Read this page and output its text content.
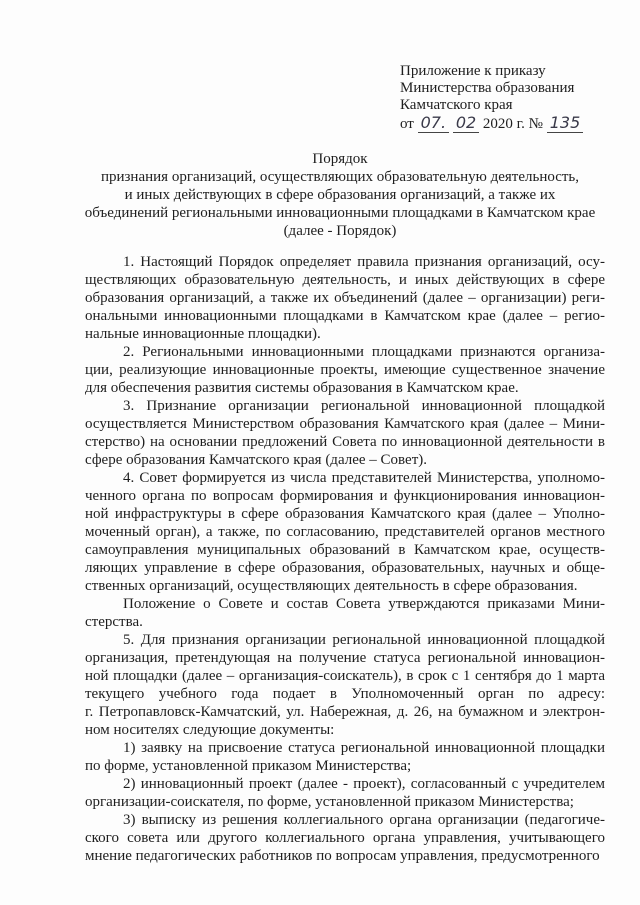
Приложение к приказу
Министерства образования
Камчатского края
от 07. 02 2020 г. № 135
Порядок
признания организаций, осуществляющих образовательную деятельность,
и иных действующих в сфере образования организаций, а также их
объединений региональными инновационными площадками в Камчатском крае
(далее - Порядок)
1. Настоящий Порядок определяет правила признания организаций, осу-
ществляющих образовательную деятельность, и иных действующих в сфере
образования организаций, а также их объединений (далее – организации) реги-
ональными инновационными площадками в Камчатском крае (далее – регио-
нальные инновационные площадки).
2. Региональными инновационными площадками признаются организа-
ции, реализующие инновационные проекты, имеющие существенное значение
для обеспечения развития системы образования в Камчатском крае.
3. Признание организации региональной инновационной площадкой
осуществляется Министерством образования Камчатского края (далее – Мини-
стерство) на основании предложений Совета по инновационной деятельности в
сфере образования Камчатского края (далее – Совет).
4. Совет формируется из числа представителей Министерства, уполномо-
ченного органа по вопросам формирования и функционирования инновацион-
ной инфраструктуры в сфере образования Камчатского края (далее – Уполно-
моченный орган), а также, по согласованию, представителей органов местного
самоуправления муниципальных образований в Камчатском крае, осуществ-
ляющих управление в сфере образования, образовательных, научных и обще-
ственных организаций, осуществляющих деятельность в сфере образования.
Положение о Совете и состав Совета утверждаются приказами Мини-
стерства.
5. Для признания организации региональной инновационной площадкой
организация, претендующая на получение статуса региональной инновацион-
ной площадки (далее – организация-соискатель), в срок с 1 сентября до 1 марта
текущего учебного года подает в Уполномоченный орган по адресу:
г. Петропавловск-Камчатский, ул. Набережная, д. 26, на бумажном и электрон-
ном носителях следующие документы:
1) заявку на присвоение статуса региональной инновационной площадки
по форме, установленной приказом Министерства;
2) инновационный проект (далее - проект), согласованный с учредителем
организации-соискателя, по форме, установленной приказом Министерства;
3) выписку из решения коллегиального органа организации (педагогиче-
ского совета или другого коллегиального органа управления, учитывающего
мнение педагогических работников по вопросам управления, предусмотренного
